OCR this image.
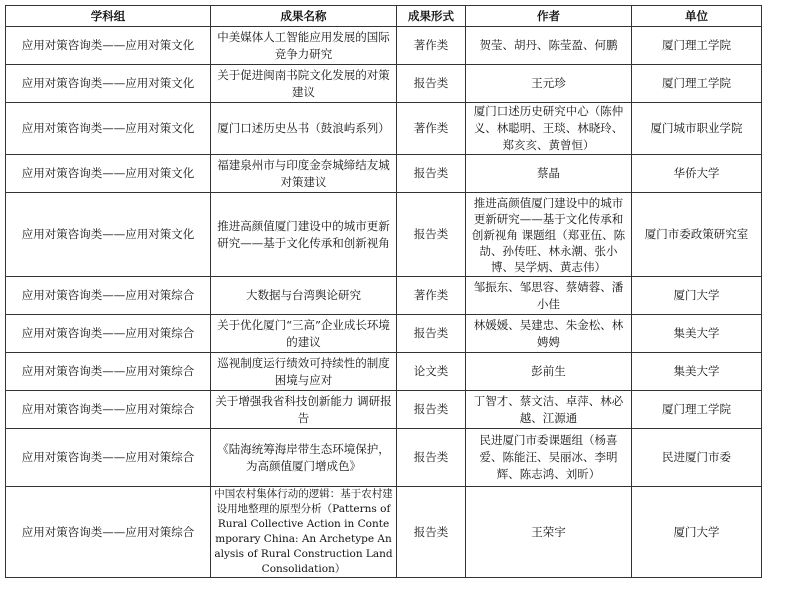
学科组	成果名称	成果形式	作者	单位
应用对策咨询类——应用对策文化	中美媒体人工智能应用发展的国际竞争力研究	著作类	贺莹、胡丹、陈莹盈、何鹏	厦门理工学院
应用对策咨询类——应用对策文化	关于促进闽南书院文化发展的对策建议	报告类	王元珍	厦门理工学院
应用对策咨询类——应用对策文化	厦门口述历史丛书（鼓浪屿系列）	著作类	厦门口述历史研究中心（陈仲义、林聪明、王琰、林晓玲、郑亥亥、黄曾恒）	厦门城市职业学院
应用对策咨询类——应用对策文化	福建泉州市与印度金奈城缔结友城对策建议	报告类	蔡晶	华侨大学
应用对策咨询类——应用对策文化	推进高颜值厦门建设中的城市更新研究——基于文化传承和创新视角	报告类	推进高颜值厦门建设中的城市更新研究——基于文化传承和创新视角 课题组（郑亚伍、陈劼、孙传旺、林永潮、张小博、吴学炳、黄志伟）	厦门市委政策研究室
应用对策咨询类——应用对策综合	大数据与台湾舆论研究	著作类	邹振东、邹思容、蔡婧蓉、潘小佳	厦门大学
应用对策咨询类——应用对策综合	关于优化厦门“三高”企业成长环境的建议	报告类	林媛媛、吴建忠、朱金松、林娉娉	集美大学
应用对策咨询类——应用对策综合	巡视制度运行绩效可持续性的制度困境与应对	论文类	彭前生	集美大学
应用对策咨询类——应用对策综合	关于增强我省科技创新能力 调研报告	报告类	丁智才、蔡文洁、卓萍、林必越、江源通	厦门理工学院
应用对策咨询类——应用对策综合	《陆海统筹海岸带生态环境保护，为高颜值厦门增成色》	报告类	民进厦门市委课题组（杨喜爱、陈能汪、吴丽冰、李明辉、陈志鸿、刘昕）	民进厦门市委
应用对策咨询类——应用对策综合	中国农村集体行动的逻辑：基于农村建设用地整理的原型分析（Patterns of Rural Collective Action in Contemporary China: An Archetype Analysis of Rural Construction Land Consolidation）	报告类	王荣宇	厦门大学
